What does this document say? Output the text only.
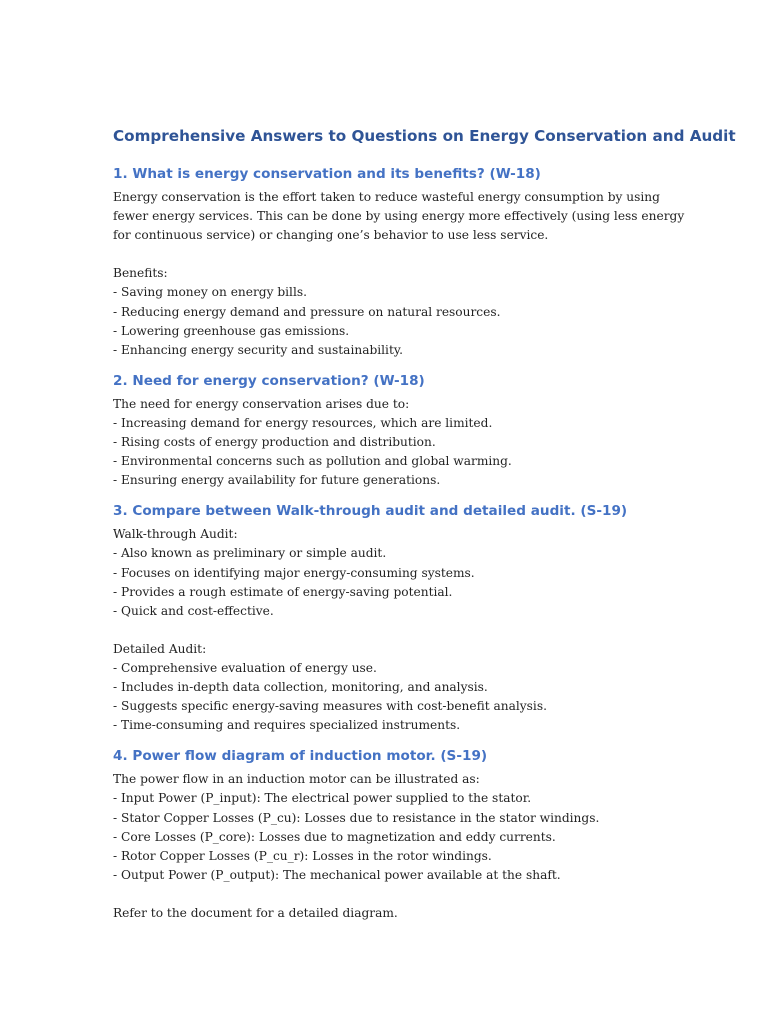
Comprehensive Answers to Questions on Energy Conservation and Audit
1. What is energy conservation and its benefits? (W-18)

Energy conservation is the effort taken to reduce wasteful energy consumption by using

fewer energy services. This can be done by using energy more effectively (using less energy

for continuous service) or changing one’s behavior to use less service.

Benefits:

- Saving money on energy bills.

- Reducing energy demand and pressure on natural resources.

- Lowering greenhouse gas emissions.

- Enhancing energy security and sustainability.

2. Need for energy conservation? (W-18)

The need for energy conservation arises due to:

- Increasing demand for energy resources, which are limited.

- Rising costs of energy production and distribution.

- Environmental concerns such as pollution and global warming.

- Ensuring energy availability for future generations.

3. Compare between Walk-through audit and detailed audit. (S-19)

Walk-through Audit:

- Also known as preliminary or simple audit.

- Focuses on identifying major energy-consuming systems.

- Provides a rough estimate of energy-saving potential.

- Quick and cost-effective.

Detailed Audit:

- Comprehensive evaluation of energy use.

- Includes in-depth data collection, monitoring, and analysis.

- Suggests specific energy-saving measures with cost-benefit analysis.

- Time-consuming and requires specialized instruments.

4. Power flow diagram of induction motor. (S-19)

The power flow in an induction motor can be illustrated as:

- Input Power (P_input): The electrical power supplied to the stator.

- Stator Copper Losses (P_cu): Losses due to resistance in the stator windings.

- Core Losses (P_core): Losses due to magnetization and eddy currents.

- Rotor Copper Losses (P_cu_r): Losses in the rotor windings.

- Output Power (P_output): The mechanical power available at the shaft.

Refer to the document for a detailed diagram.
